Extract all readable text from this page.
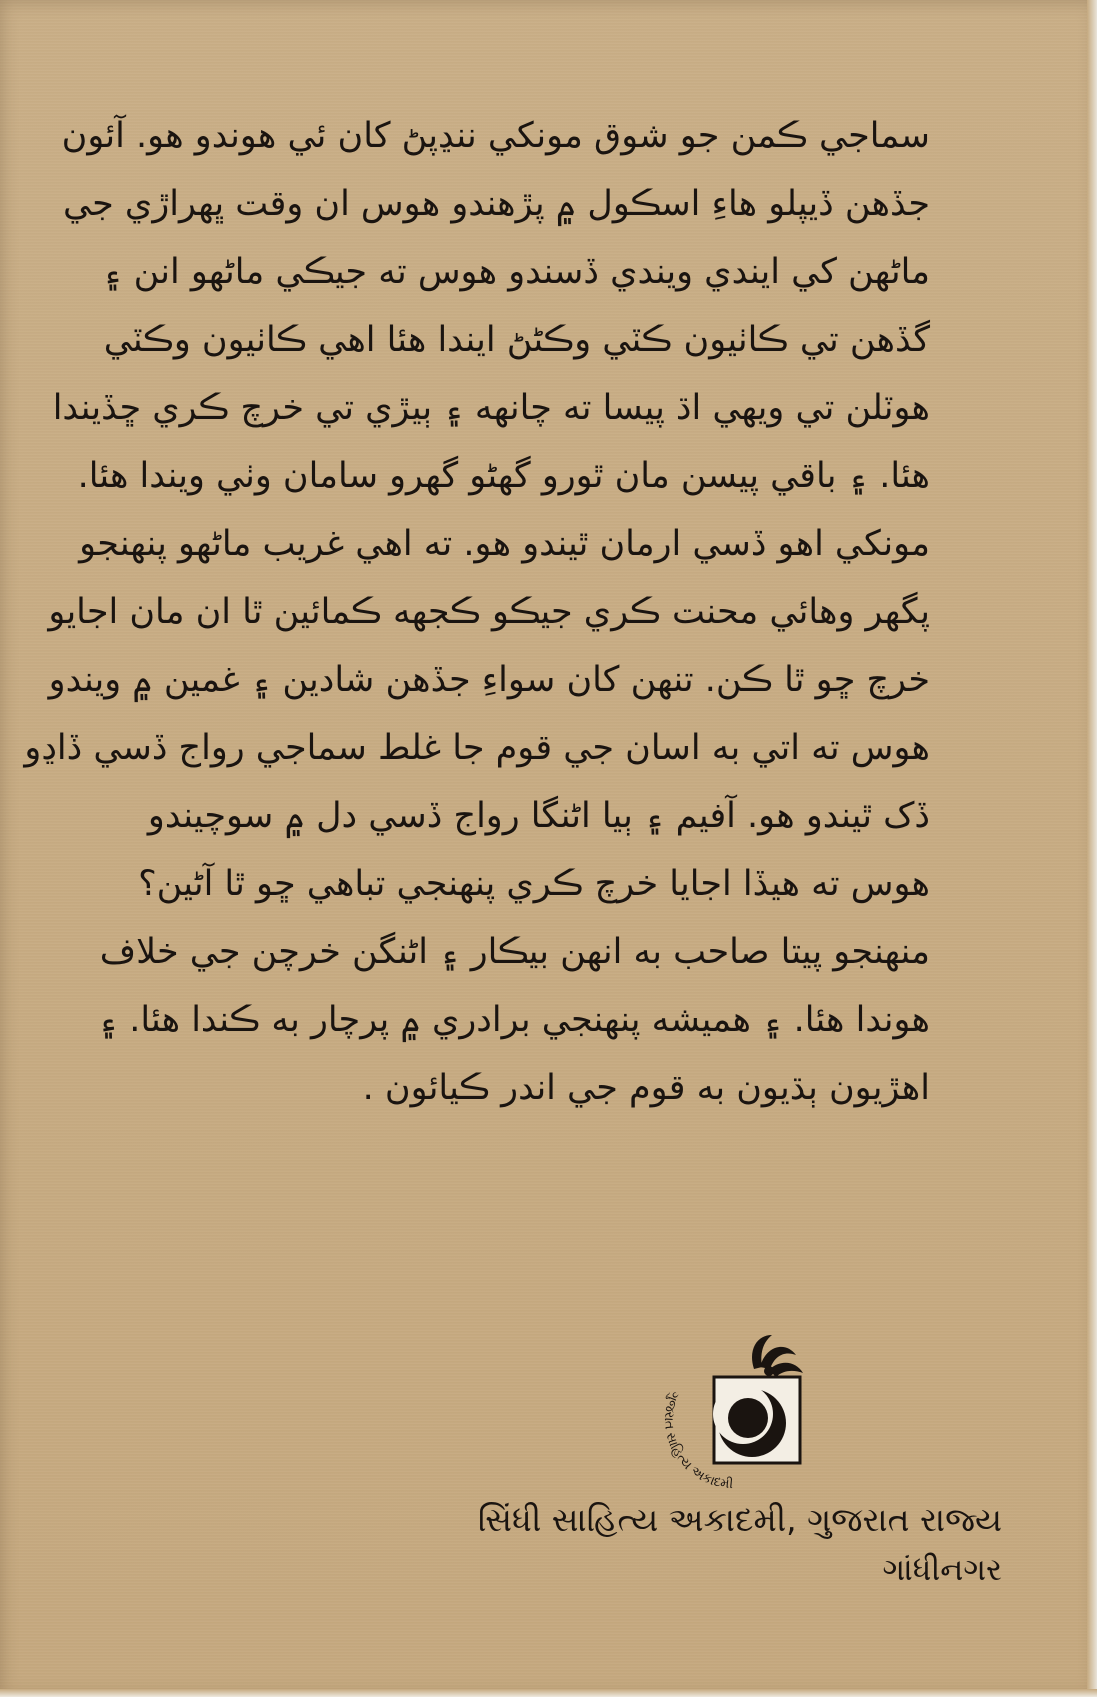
سماجي ڪمن جو شوق مونکي ننڍپڻ کان ئي هوندو هو. آئون
جڏهن ڏيپلو هاءِ اسڪول ۾ پڙهندو هوس ان وقت ڀهراڙي جي
ماڻهن کي ايندي ويندي ڏسندو هوس ته جيڪي ماڻهو انن ۽
گڏهن تي ڪاٺيون ڪٽي وڪڻڻ ايندا هئا اهي ڪاٺيون وڪٽي
هوٽلن تي ويهي اڌ پيسا ته چانهه ۽ ٻيڙي تي خرچ ڪري ڇڏيندا
هئا. ۽ باقي پيسن مان ٿورو گهڻو گهرو سامان وٺي ويندا هئا.
مونکي اهو ڏسي ارمان ٿيندو هو. ته اهي غريب ماڻهو پنهنجو
پگهر وهائي محنت ڪري جيڪو ڪجهه ڪمائين ٿا ان مان اجايو
خرچ ڇو ٿا ڪن. تنهن کان سواءِ جڏهن شادين ۽ غمين ۾ ويندو
هوس ته اتي به اسان جي قوم جا غلط سماجي رواج ڏسي ڏاڍو
ڏک ٿيندو هو. آفيم ۽ ٻيا اڻنگا رواج ڏسي دل ۾ سوچيندو
هوس ته هيڏا اجايا خرچ ڪري پنهنجي تباهي ڇو ٿا آڻين؟
منهنجو پيتا صاحب به انهن بيڪار ۽ اڻنگن خرچن جي خلاف
هوندا هئا. ۽ هميشه پنهنجي برادري ۾ پرچار به ڪندا هئا. ۽
اهڙيون ٻڌيون به قوم جي اندر ڪيائون .
ગુજરાત સાહિત્ય અકાદમી
સિંધી સાહિત્ય અકાદમી, ગુજરાત રાજ્ય
ગાંધીનગર
